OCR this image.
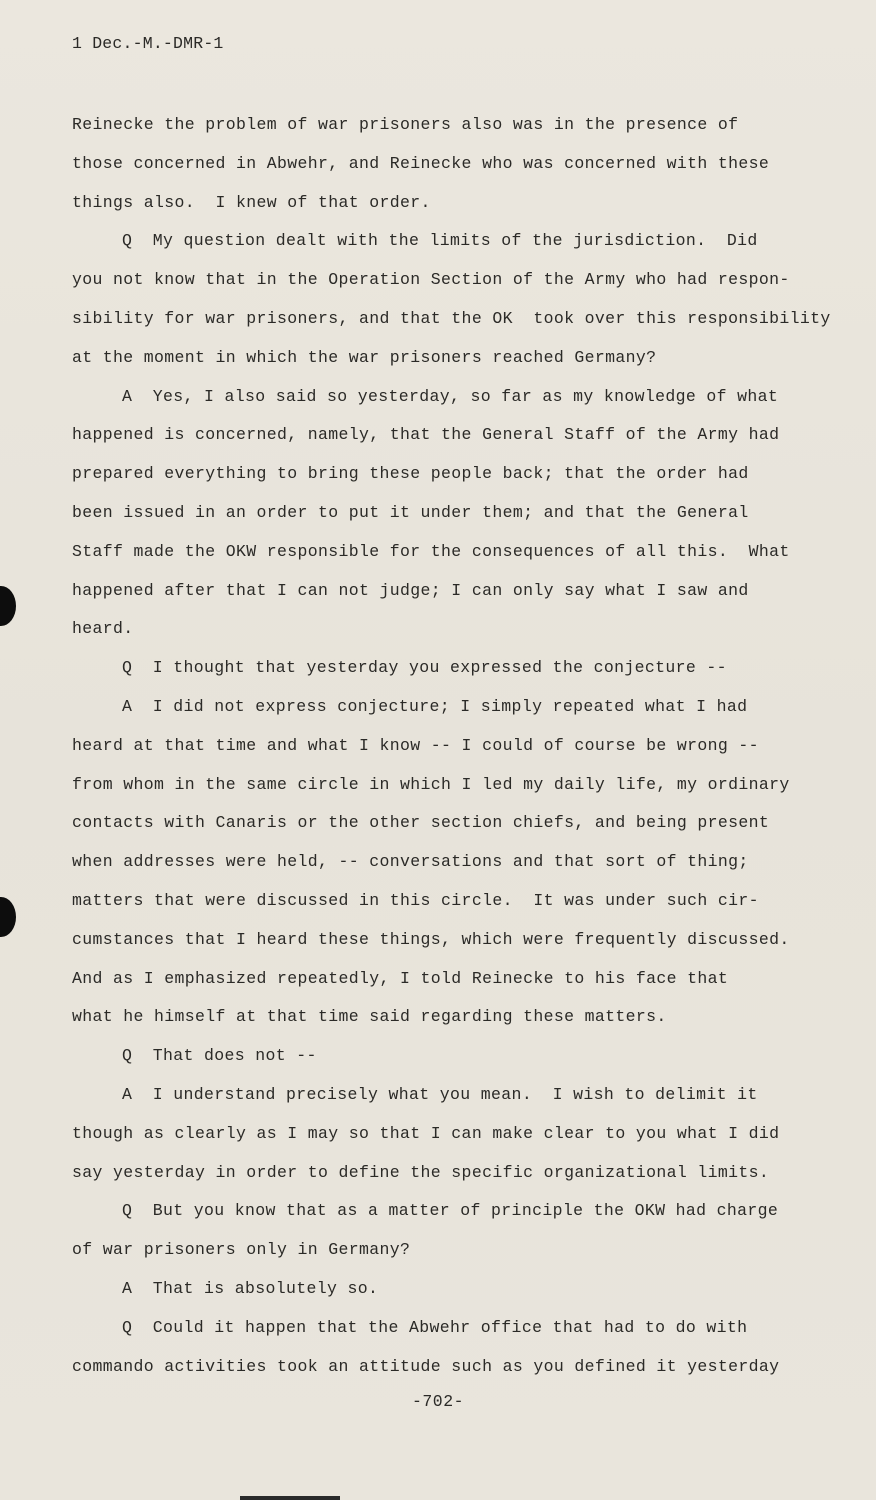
1 Dec.-M.-DMR-1
Reinecke the problem of war prisoners also was in the presence of
those concerned in Abwehr, and Reinecke who was concerned with these
things also.  I knew of that order.
Q  My question dealt with the limits of the jurisdiction.  Did
you not know that in the Operation Section of the Army who had respon-
sibility for war prisoners, and that the OK  took over this responsibility
at the moment in which the war prisoners reached Germany?
A  Yes, I also said so yesterday, so far as my knowledge of what
happened is concerned, namely, that the General Staff of the Army had
prepared everything to bring these people back; that the order had
been issued in an order to put it under them; and that the General
Staff made the OKW responsible for the consequences of all this.  What
happened after that I can not judge; I can only say what I saw and
heard.
Q  I thought that yesterday you expressed the conjecture --
A  I did not express conjecture; I simply repeated what I had
heard at that time and what I know -- I could of course be wrong --
from whom in the same circle in which I led my daily life, my ordinary
contacts with Canaris or the other section chiefs, and being present
when addresses were held, -- conversations and that sort of thing;
matters that were discussed in this circle.  It was under such cir-
cumstances that I heard these things, which were frequently discussed.
And as I emphasized repeatedly, I told Reinecke to his face that
what he himself at that time said regarding these matters.
Q  That does not --
A  I understand precisely what you mean.  I wish to delimit it
though as clearly as I may so that I can make clear to you what I did
say yesterday in order to define the specific organizational limits.
Q  But you know that as a matter of principle the OKW had charge
of war prisoners only in Germany?
A  That is absolutely so.
Q  Could it happen that the Abwehr office that had to do with
commando activities took an attitude such as you defined it yesterday
-702-
